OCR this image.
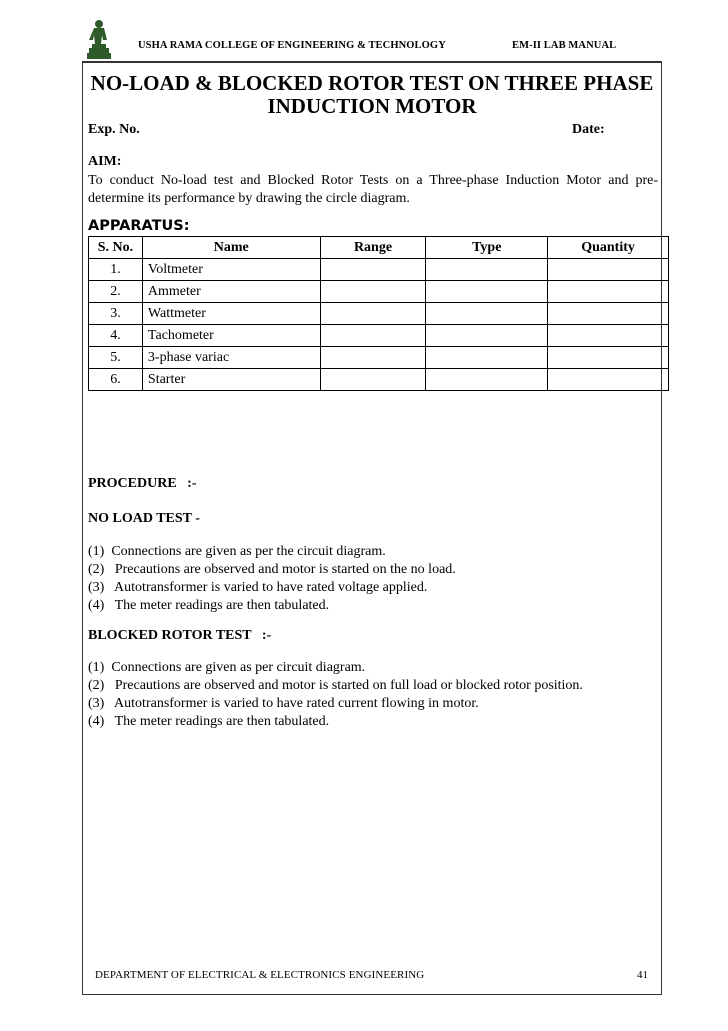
USHA RAMA COLLEGE OF ENGINEERING & TECHNOLOGY	EM-II LAB MANUAL
NO-LOAD & BLOCKED ROTOR TEST ON THREE PHASE
INDUCTION MOTOR
Exp. No.	Date:
AIM:
To conduct No-load test and Blocked Rotor Tests on a Three-phase Induction Motor and pre-determine its performance by drawing the circle diagram.
APPARATUS:
S. No.	Name	Range	Type	Quantity
1.	Voltmeter			
2.	Ammeter			
3.	Wattmeter			
4.	Tachometer			
5.	3-phase variac			
6.	Starter			
PROCEDURE   :-
NO LOAD TEST -
(1)  Connections are given as per the circuit diagram.
(2)   Precautions are observed and motor is started on the no load.
(3)   Autotransformer is varied to have rated voltage applied.
(4)   The meter readings are then tabulated.
BLOCKED ROTOR TEST   :-
(1)  Connections are given as per circuit diagram.
(2)   Precautions are observed and motor is started on full load or blocked rotor position.
(3)   Autotransformer is varied to have rated current flowing in motor.
(4)   The meter readings are then tabulated.
DEPARTMENT OF ELECTRICAL & ELECTRONICS ENGINEERING	41
